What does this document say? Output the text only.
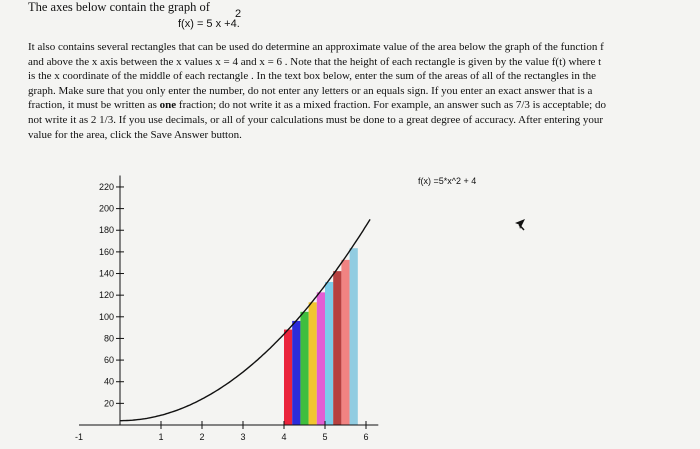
The axes below contain the graph of
f(x) = 5 x +4.
2
It also contains several rectangles that can be used do determine an approximate value of the area below the graph of the function f
and above the x axis between the x values x = 4 and x = 6 . Note that the height of each rectangle is given by the value f(t) where t
is the x coordinate of the middle of each rectangle . In the text box below, enter the sum of the areas of all of the rectangles in the
graph. Make sure that you only enter the number, do not enter any letters or an equals sign. If you enter an exact answer that is a
fraction, it must be written as one fraction; do not write it as a mixed fraction. For example, an answer such as 7/3 is acceptable; do
not write it as 2 1/3. If you use decimals, or all of your calculations must be done to a great degree of accuracy. After entering your
value for the area, click the Save Answer button.
f(x) =5*x^2 + 4
20
40
60
80
100
120
140
160
180
200
220
-1	1	2	3	4	5	6
